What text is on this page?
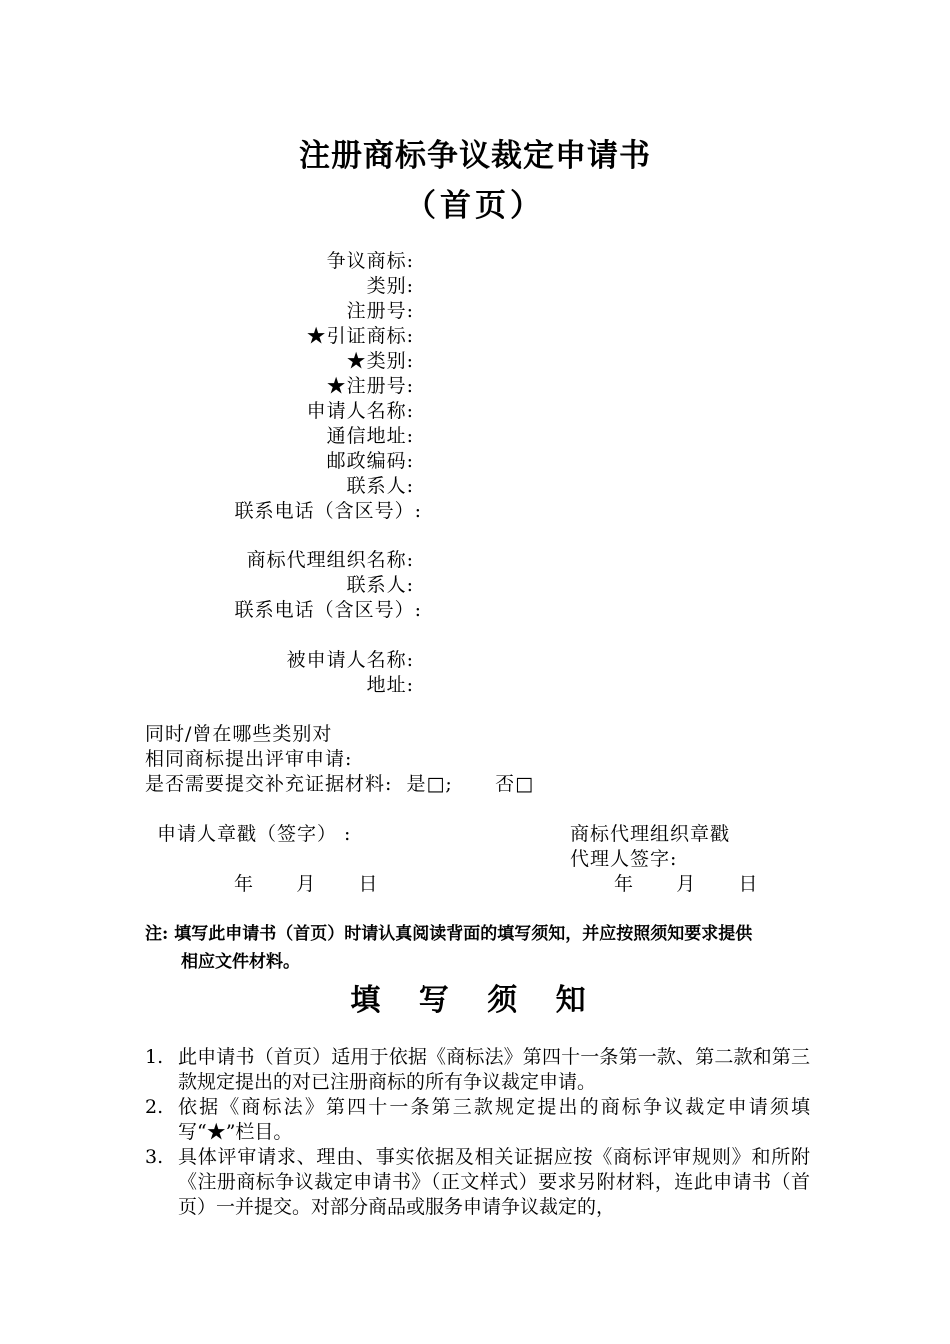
注册商标争议裁定申请书
（首页）
争议商标:
类别:
注册号:
★引证商标:
★类别:
★注册号:
申请人名称:
通信地址:
邮政编码:
联系人:
联系电话（含区号）:
商标代理组织名称:
联系人:
联系电话（含区号）:
被申请人名称:
地址:
同时/曾在哪些类别对
相同商标提出评审申请:
是否需要提交补充证据材料:  是□;      否□
申请人章戳（签字） :	商标代理组织章戳
代理人签字:
年      月      日	年      月      日
注: 填写此申请书（首页）时请认真阅读背面的填写须知，并应按照须知要求提供
相应文件材料。
填 写 须 知
1. 此申请书（首页）适用于依据《商标法》第四十一条第一款、第二款和第三款规定提出的对已注册商标的所有争议裁定申请。
2. 依据《商标法》第四十一条第三款规定提出的商标争议裁定申请须填写“★”栏目。
3. 具体评审请求、理由、事实依据及相关证据应按《商标评审规则》和所附《注册商标争议裁定申请书》（正文样式）要求另附材料，连此申请书（首页）一并提交。对部分商品或服务申请争议裁定的，
